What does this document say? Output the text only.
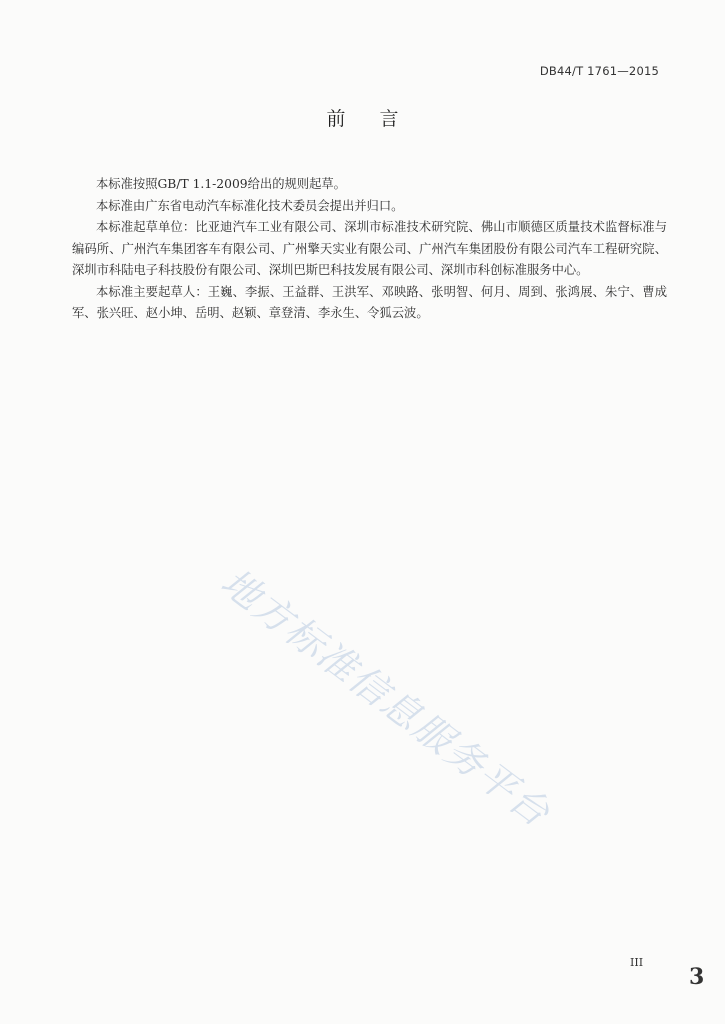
DB44/T 1761—2015
前言

本标准按照GB/T 1.1-2009给出的规则起草。

本标准由广东省电动汽车标准化技术委员会提出并归口。

本标准起草单位：比亚迪汽车工业有限公司、深圳市标准技术研究院、佛山市顺德区质量技术监督标准与编码所、广州汽车集团客车有限公司、广州擎天实业有限公司、广州汽车集团股份有限公司汽车工程研究院、深圳市科陆电子科技股份有限公司、深圳巴斯巴科技发展有限公司、深圳市科创标准服务中心。

本标准主要起草人：王巍、李振、王益群、王洪军、邓映路、张明智、何月、周到、张鸿展、朱宁、曹成军、张兴旺、赵小坤、岳明、赵颖、章登清、李永生、令狐云波。

地方标准信息服务平台
III
3
